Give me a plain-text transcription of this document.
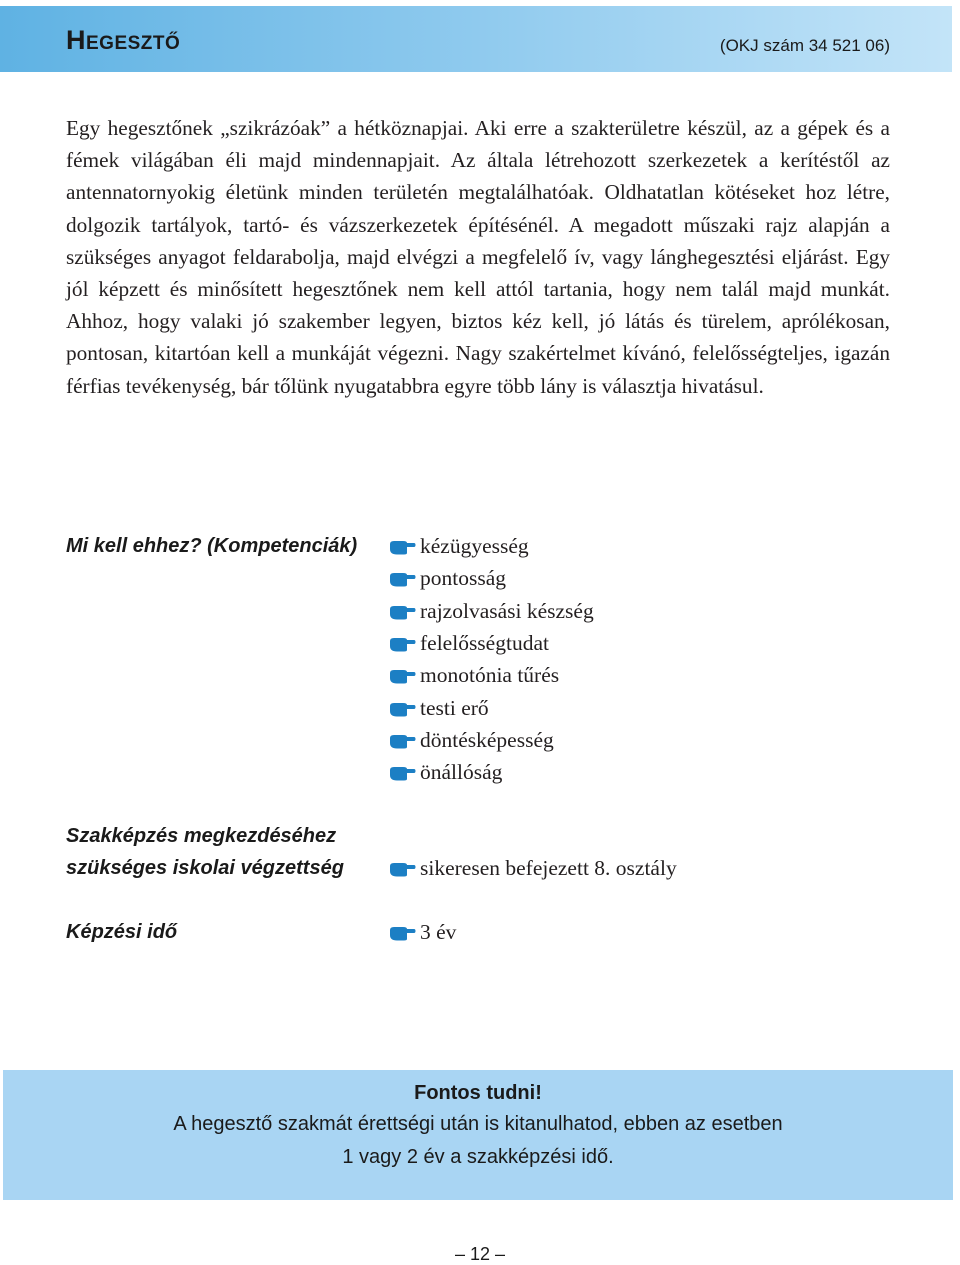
Hegesztő	(OKJ szám 34 521 06)
Egy hegesztőnek „szikrázóak” a hétköznapjai. Aki erre a szakterületre készül, az a gépek és a fémek világában éli majd mindennapjait. Az általa létrehozott szerkezetek a kerítéstől az antennatornyokig életünk minden területén megtalálhatóak. Oldhatatlan kötéseket hoz létre, dolgozik tartályok, tartó- és vázszerkezetek építésénél. A megadott műszaki rajz alapján a szükséges anyagot feldarabolja, majd elvégzi a megfelelő ív, vagy lánghegesztési eljárást. Egy jól képzett és minősített hegesztőnek nem kell attól tartania, hogy nem talál majd munkát. Ahhoz, hogy valaki jó szakember legyen, biztos kéz kell, jó látás és türelem, aprólékosan, pontosan, kitartóan kell a munkáját végezni. Nagy szakértelmet kívánó, felelősségteljes, igazán férfias tevékenység, bár tőlünk nyugatabbra egyre több lány is választja hivatásul.
Mi kell ehhez? (Kompetenciák)	kézügyesség
pontosság
rajzolvasási készség
felelősségtudat
monotónia tűrés
testi erő
döntésképesség
önállóság
Szakképzés megkezdéséhez
szükséges iskolai végzettség	sikeresen befejezett 8. osztály
Képzési idő	3 év
Fontos tudni!
A hegesztő szakmát érettségi után is kitanulhatod, ebben az esetben
1 vagy 2 év a szakképzési idő.
– 12 –
